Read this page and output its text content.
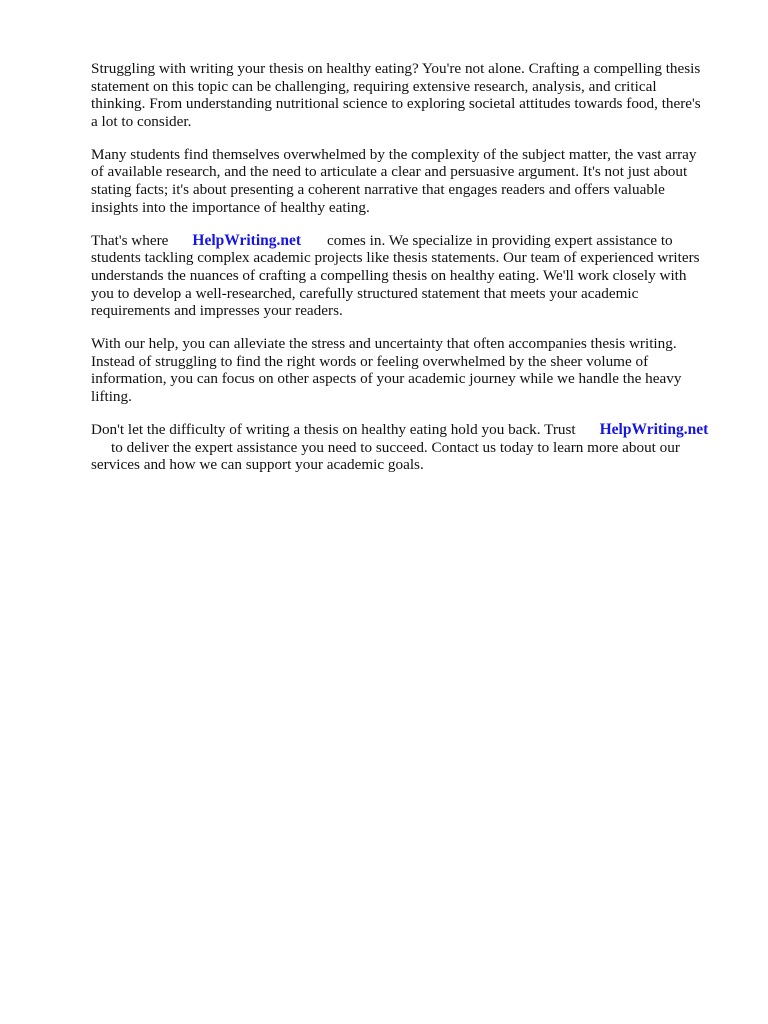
Struggling with writing your thesis on healthy eating? You're not alone. Crafting a compelling thesis
statement on this topic can be challenging, requiring extensive research, analysis, and critical
thinking. From understanding nutritional science to exploring societal attitudes towards food, there's
a lot to consider.

Many students find themselves overwhelmed by the complexity of the subject matter, the vast array
of available research, and the need to articulate a clear and persuasive argument. It's not just about
stating facts; it's about presenting a coherent narrative that engages readers and offers valuable
insights into the importance of healthy eating.

That's where HelpWriting.net comes in. We specialize in providing expert assistance to
students tackling complex academic projects like thesis statements. Our team of experienced writers
understands the nuances of crafting a compelling thesis on healthy eating. We'll work closely with
you to develop a well-researched, carefully structured statement that meets your academic
requirements and impresses your readers.

With our help, you can alleviate the stress and uncertainty that often accompanies thesis writing.
Instead of struggling to find the right words or feeling overwhelmed by the sheer volume of
information, you can focus on other aspects of your academic journey while we handle the heavy
lifting.

Don't let the difficulty of writing a thesis on healthy eating hold you back. Trust HelpWriting.net
to deliver the expert assistance you need to succeed. Contact us today to learn more about our
services and how we can support your academic goals.
